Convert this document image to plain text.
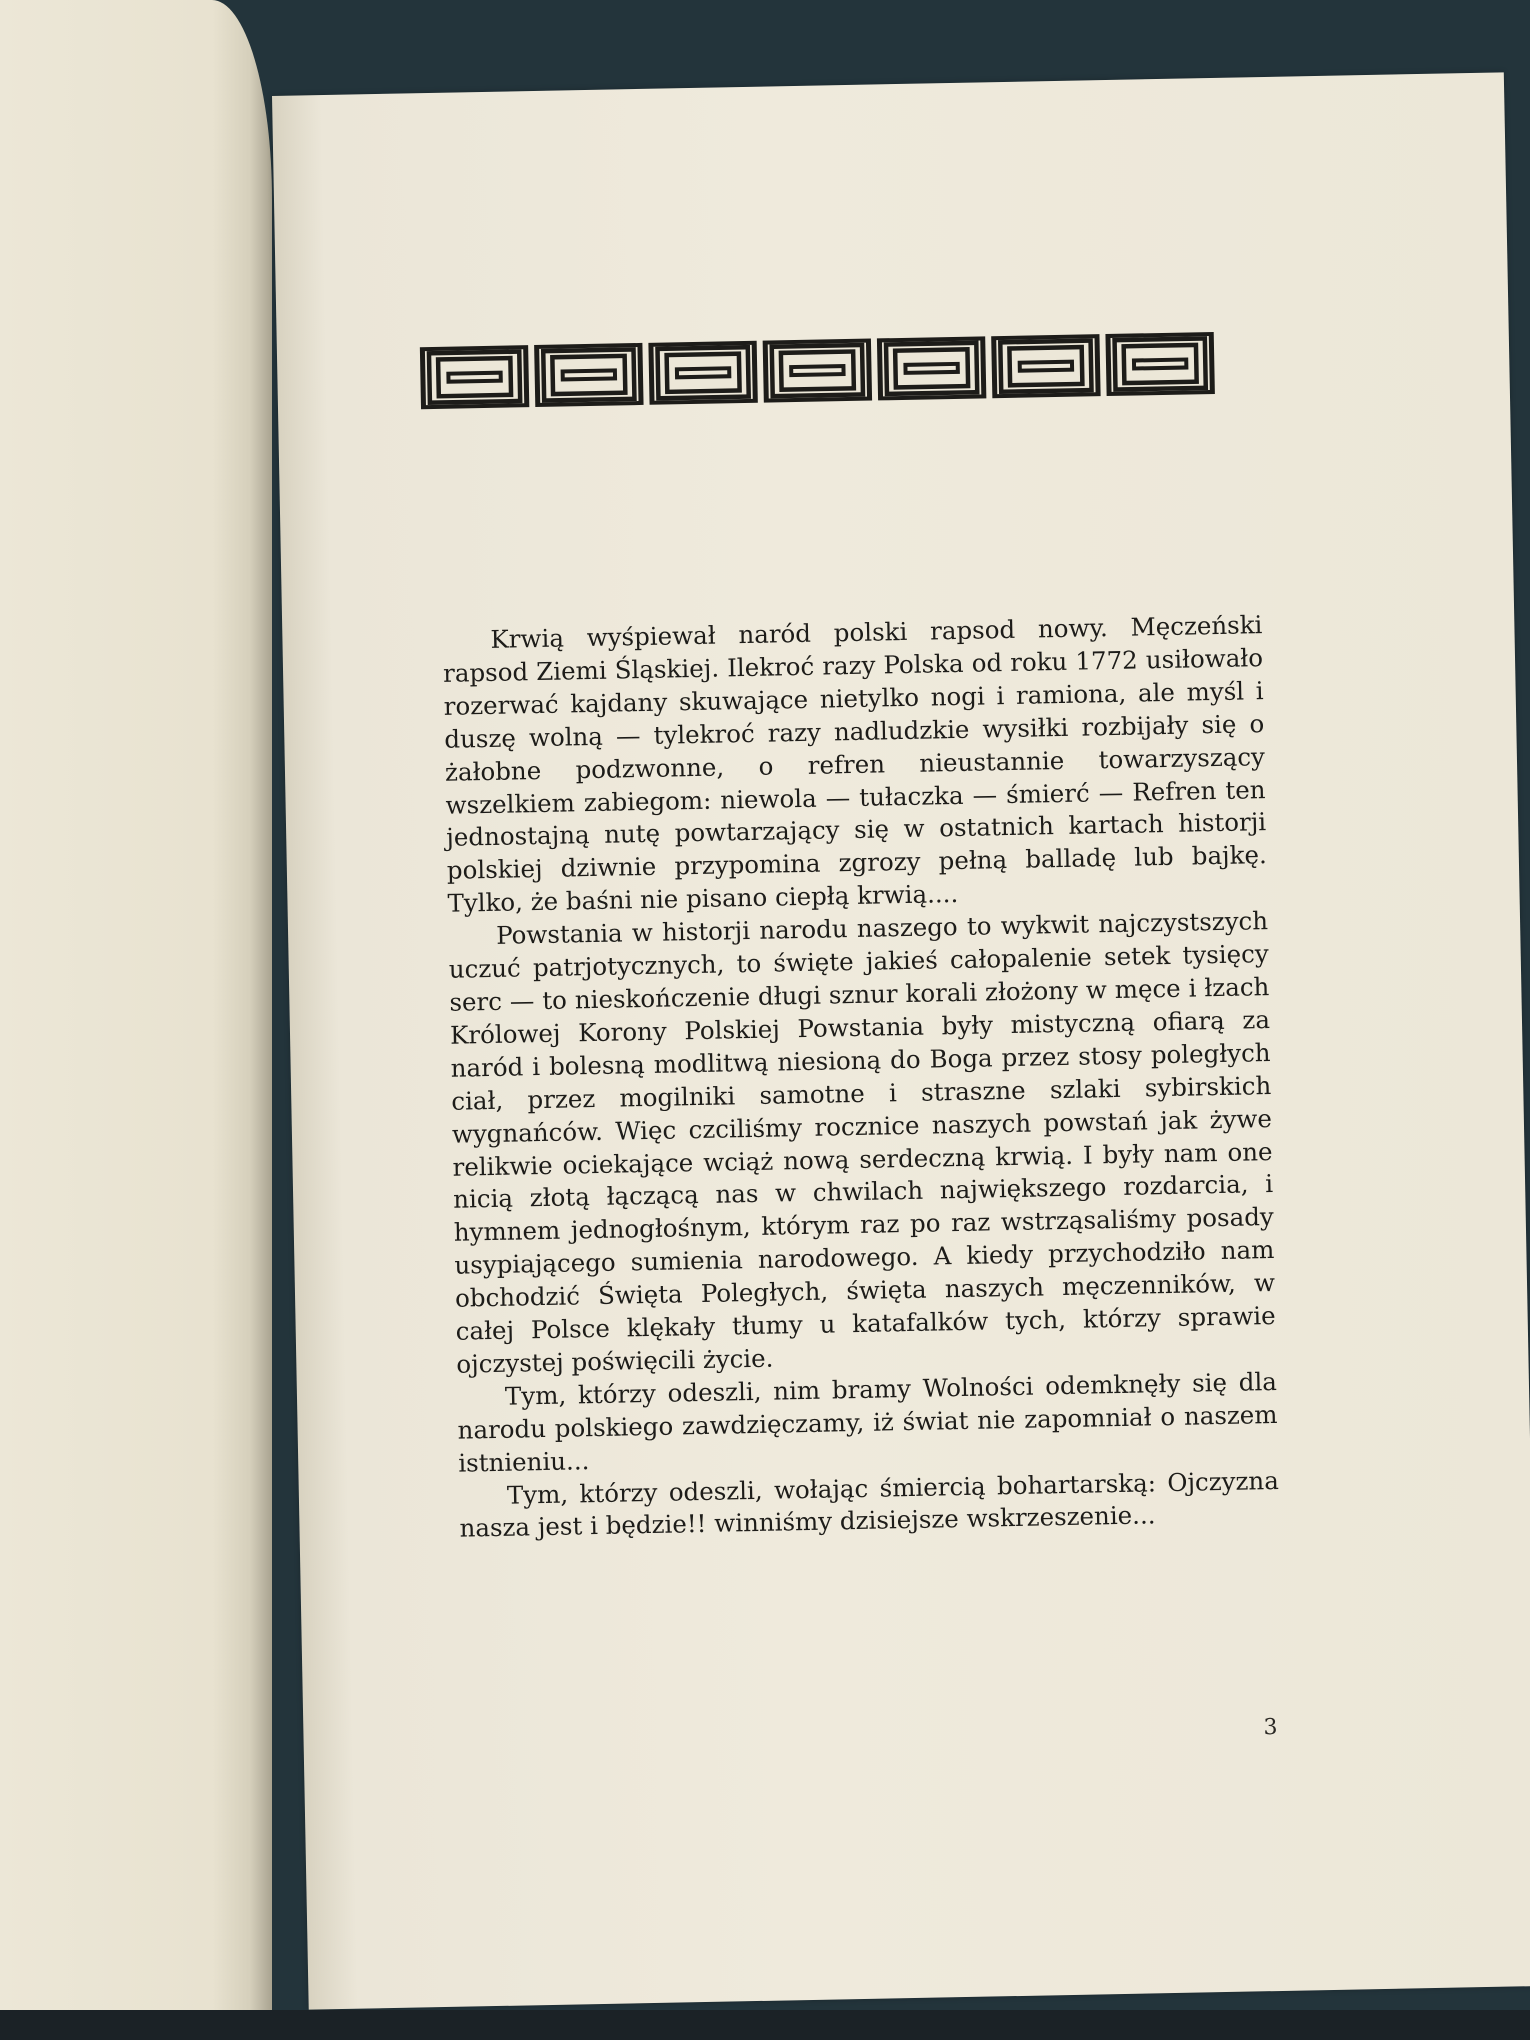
Krwią wyśpiewał naród polski rapsod nowy. Męczeński rapsod Ziemi Śląskiej. Ilekroć razy Polska od roku 1772 usiłowało rozerwać kajdany skuwające nietylko nogi i ramiona, ale myśl i duszę wolną — tylekroć razy nadludzkie wysiłki rozbijały się o żałobne podzwonne, o refren nieustannie towarzyszący wszelkiem zabiegom: niewola — tułaczka — śmierć — Refren ten jednostajną nutę powtarzający się w ostatnich kartach historji polskiej dziwnie przypomina zgrozy pełną balladę lub bajkę. Tylko, że baśni nie pisano ciepłą krwią....

Powstania w historji narodu naszego to wykwit najczystszych uczuć patrjotycznych, to święte jakieś całopalenie setek tysięcy serc — to nieskończenie długi sznur korali złożony w męce i łzach Królowej Korony Polskiej Powstania były mistyczną ofiarą za naród i bolesną modlitwą niesioną do Boga przez stosy poległych ciał, przez mogilniki samotne i straszne szlaki sybirskich wygnańców. Więc czciliśmy rocznice naszych powstań jak żywe relikwie ociekające wciąż nową serdeczną krwią. I były nam one nicią złotą łączącą nas w chwilach największego rozdarcia, i hymnem jednogłośnym, którym raz po raz wstrząsaliśmy posady usypiającego sumienia narodowego. A kiedy przychodziło nam obchodzić Święta Poległych, święta naszych męczenników, w całej Polsce klękały tłumy u katafalków tych, którzy sprawie ojczystej poświęcili życie.

Tym, którzy odeszli, nim bramy Wolności odemknęły się dla narodu polskiego zawdzięczamy, iż świat nie zapomniał o naszem istnieniu...

Tym, którzy odeszli, wołając śmiercią bohartarską: Ojczyzna nasza jest i będzie!! winniśmy dzisiejsze wskrzeszenie...

3
